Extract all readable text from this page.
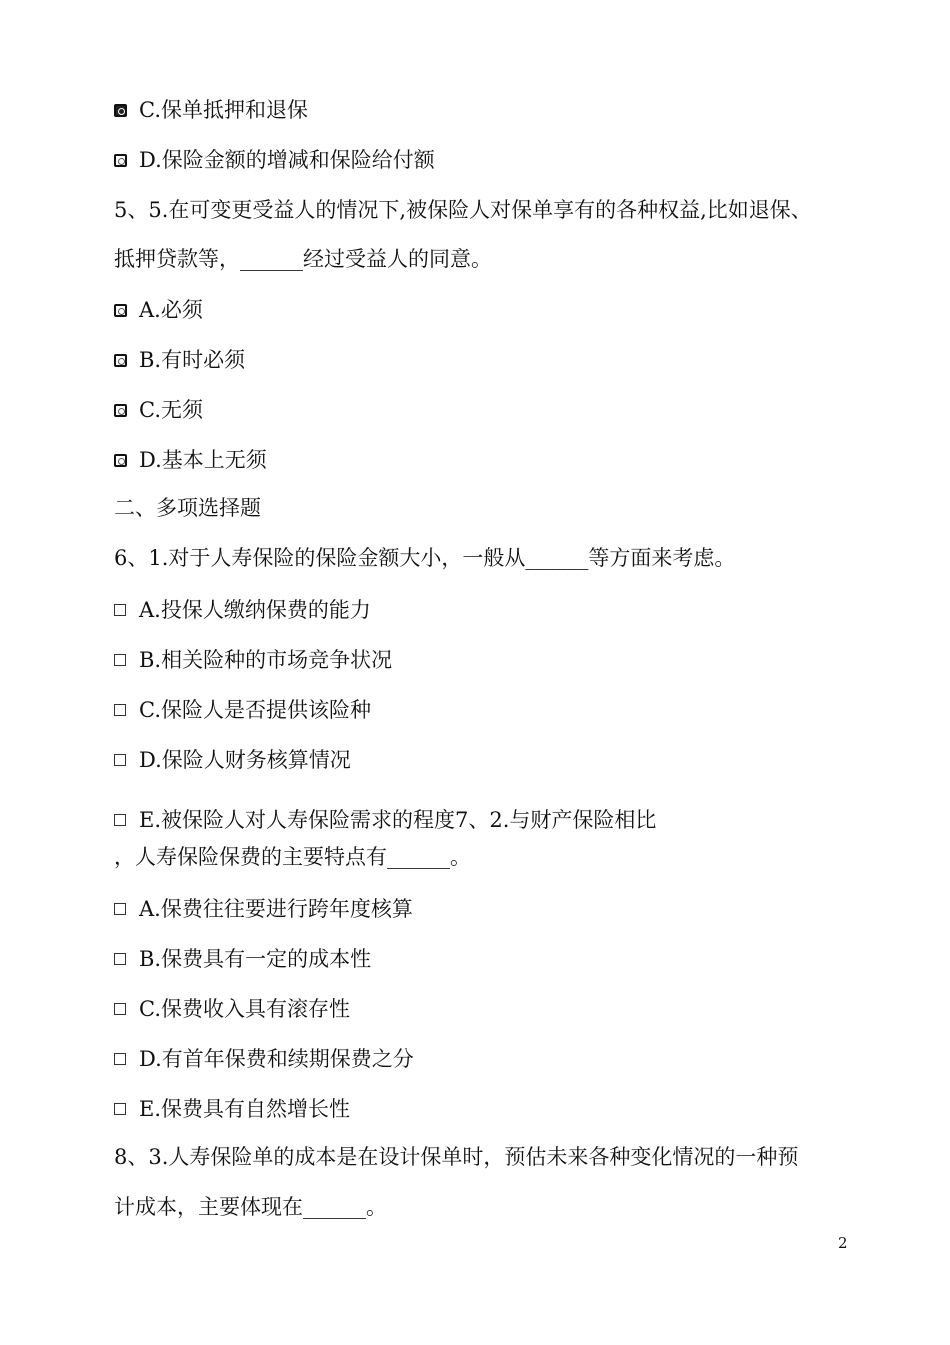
C.保单抵押和退保
D.保险金额的增减和保险给付额
5、5.在可变更受益人的情况下,被保险人对保单享有的各种权益,比如退保、
抵押贷款等，______经过受益人的同意。
A.必须
B.有时必须
C.无须
D.基本上无须
二、多项选择题
6、1.对于人寿保险的保险金额大小，一般从______等方面来考虑。
A.投保人缴纳保费的能力
B.相关险种的市场竞争状况
C.保险人是否提供该险种
D.保险人财务核算情况
E.被保险人对人寿保险需求的程度7、2.与财产保险相比
，人寿保险保费的主要特点有______。
A.保费往往要进行跨年度核算
B.保费具有一定的成本性
C.保费收入具有滚存性
D.有首年保费和续期保费之分
E.保费具有自然增长性
8、3.人寿保险单的成本是在设计保单时，预估未来各种变化情况的一种预
计成本，主要体现在______。
2
